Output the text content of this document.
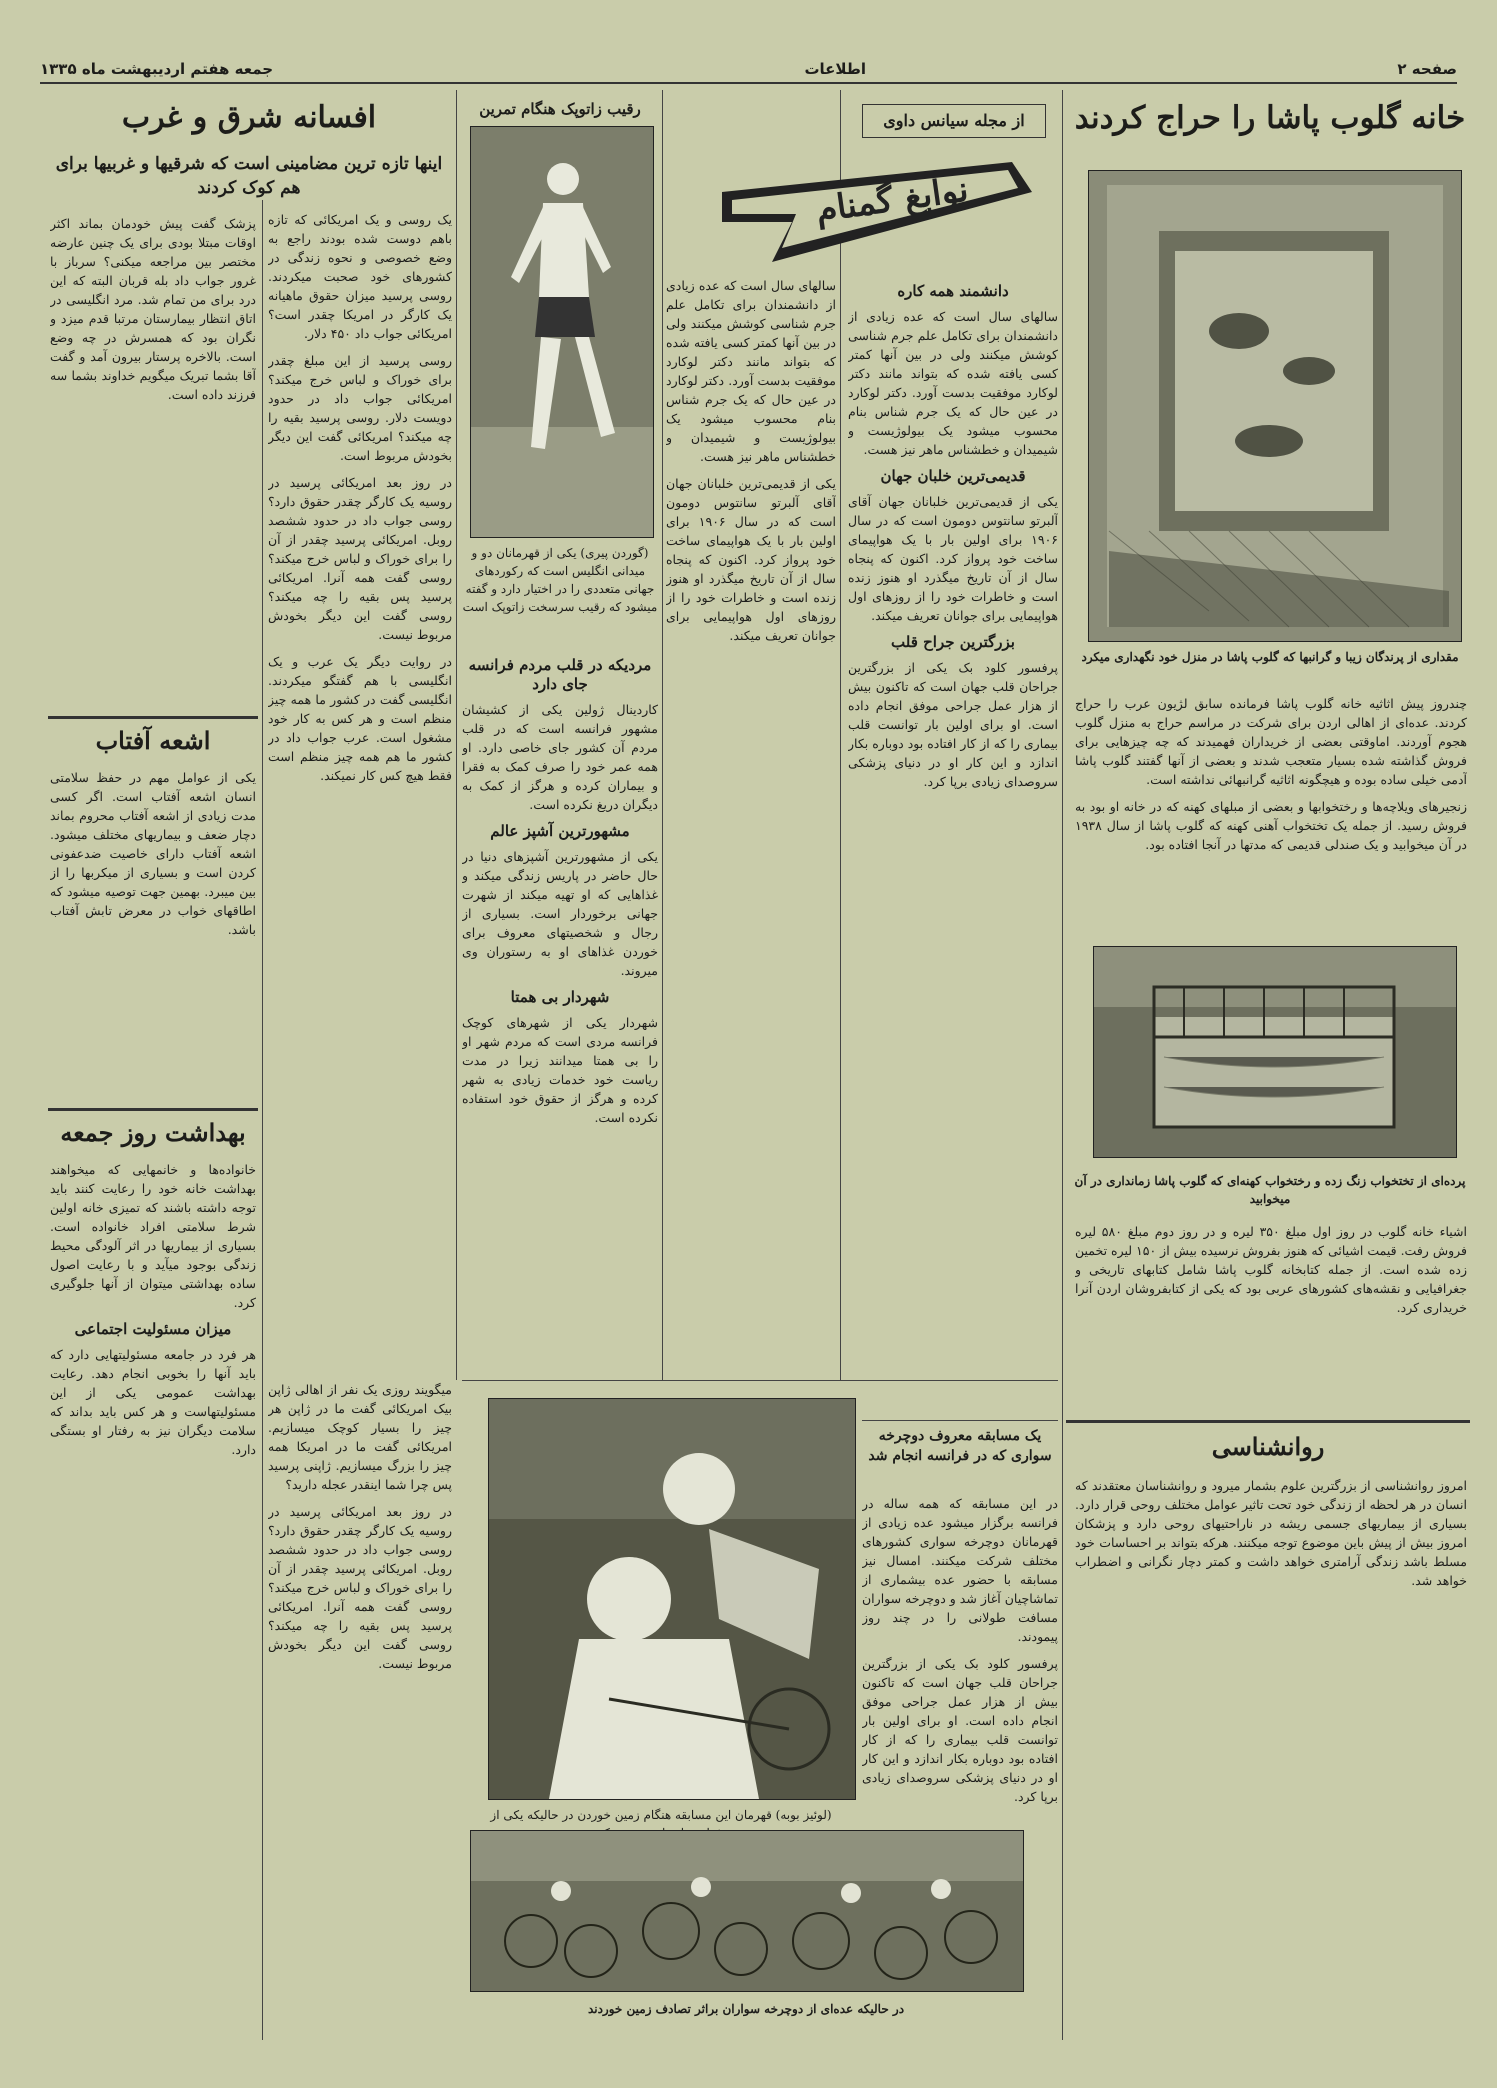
صفحه ۲
اطلاعات
جمعه هفتم اردیبهشت ماه ۱۳۳۵
خانه گلوب پاشا را حراج کردند
مقداری از پرندگان زیبا و گرانبها که گلوب پاشا در منزل خود نگهداری میکرد

چندروز پیش اثاثیه خانه گلوب پاشا فرمانده سابق لژیون عرب را حراج کردند. عده‌ای از اهالی اردن برای شرکت در مراسم حراج به منزل گلوب هجوم آوردند. اماوقتی بعضی از خریداران فهمیدند که چه چیزهایی برای فروش گذاشته شده بسیار متعجب شدند و بعضی از آنها گفتند گلوب پاشا آدمی خیلی ساده بوده و هیچگونه اثاثیه گرانبهائی نداشته است.

زنجیرهای ویلاچه‌ها و رختخوابها و بعضی از مبلهای کهنه که در خانه او بود به فروش رسید. از جمله یک تختخواب آهنی کهنه که گلوب پاشا از سال ۱۹۳۸ در آن میخوابید و یک صندلی قدیمی که مدتها در آنجا افتاده بود.

پرده‌ای از تختخواب زنگ زده و رختخواب کهنه‌ای که گلوب پاشا زمانداری در آن میخوابید

اشیاء خانه گلوب در روز اول مبلغ ۳۵۰ لیره و در روز دوم مبلغ ۵۸۰ لیره فروش رفت. قیمت اشیائی که هنوز بفروش نرسیده بیش از ۱۵۰ لیره تخمین زده شده است. از جمله کتابخانه گلوب پاشا شامل کتابهای تاریخی و جغرافیایی و نقشه‌های کشورهای عربی بود که یکی از کتابفروشان اردن آنرا خریداری کرد.

روانشناسی

امروز روانشناسی از بزرگترین علوم بشمار میرود و روانشناسان معتقدند که انسان در هر لحظه از زندگی خود تحت تاثیر عوامل مختلف روحی قرار دارد. بسیاری از بیماریهای جسمی ریشه در ناراحتیهای روحی دارد و پزشکان امروز بیش از پیش باین موضوع توجه میکنند. هرکه بتواند بر احساسات خود مسلط باشد زندگی آرامتری خواهد داشت و کمتر دچار نگرانی و اضطراب خواهد شد.

از مجله سیانس داوی
نوابغ گمنام
دانشمند همه کاره

سالهای سال است که عده زیادی از دانشمندان برای تکامل علم جرم شناسی کوشش میکنند ولی در بین آنها کمتر کسی یافته شده که بتواند مانند دکتر لوکارد موفقیت بدست آورد. دکتر لوکارد در عین حال که یک جرم شناس بنام محسوب میشود یک بیولوژیست و شیمیدان و خطشناس ماهر نیز هست.

قدیمی‌ترین خلبان جهان

یکی از قدیمی‌ترین خلبانان جهان آقای آلبرتو سانتوس دومون است که در سال ۱۹۰۶ برای اولین بار با یک هواپیمای ساخت خود پرواز کرد. اکنون که پنجاه سال از آن تاریخ میگذرد او هنوز زنده است و خاطرات خود را از روزهای اول هواپیمایی برای جوانان تعریف میکند.

بزرگترین جراح قلب

پرفسور کلود بک یکی از بزرگترین جراحان قلب جهان است که تاکنون بیش از هزار عمل جراحی موفق انجام داده است. او برای اولین بار توانست قلب بیماری را که از کار افتاده بود دوباره بکار اندازد و این کار او در دنیای پزشکی سروصدای زیادی برپا کرد.

سالهای سال است که عده زیادی از دانشمندان برای تکامل علم جرم شناسی کوشش میکنند ولی در بین آنها کمتر کسی یافته شده که بتواند مانند دکتر لوکارد موفقیت بدست آورد. دکتر لوکارد در عین حال که یک جرم شناس بنام محسوب میشود یک بیولوژیست و شیمیدان و خطشناس ماهر نیز هست.

یکی از قدیمی‌ترین خلبانان جهان آقای آلبرتو سانتوس دومون است که در سال ۱۹۰۶ برای اولین بار با یک هواپیمای ساخت خود پرواز کرد. اکنون که پنجاه سال از آن تاریخ میگذرد او هنوز زنده است و خاطرات خود را از روزهای اول هواپیمایی برای جوانان تعریف میکند.

یک مسابقه معروف دوچرخه سواری که در فرانسه انجام شد

در این مسابقه که همه ساله در فرانسه برگزار میشود عده زیادی از قهرمانان دوچرخه سواری کشورهای مختلف شرکت میکنند. امسال نیز مسابقه با حضور عده بیشماری از تماشاچیان آغاز شد و دوچرخه سواران مسافت طولانی را در چند روز پیمودند.

پرفسور کلود بک یکی از بزرگترین جراحان قلب جهان است که تاکنون بیش از هزار عمل جراحی موفق انجام داده است. او برای اولین بار توانست قلب بیماری را که از کار افتاده بود دوباره بکار اندازد و این کار او در دنیای پزشکی سروصدای زیادی برپا کرد.

رقیب زاتوپک هنگام تمرین
(گوردن پیری) یکی از قهرمانان دو و میدانی انگلیس است که رکوردهای جهانی متعددی را در اختیار دارد و گفته میشود که رقیب سرسخت زاتوپک است
مردیکه در قلب مردم فرانسه جای دارد

کاردینال ژولین یکی از کشیشان مشهور فرانسه است که در قلب مردم آن کشور جای خاصی دارد. او همه عمر خود را صرف کمک به فقرا و بیماران کرده و هرگز از کمک به دیگران دریغ نکرده است.

مشهورترین آشپز عالم

یکی از مشهورترین آشپزهای دنیا در حال حاضر در پاریس زندگی میکند و غذاهایی که او تهیه میکند از شهرت جهانی برخوردار است. بسیاری از رجال و شخصیتهای معروف برای خوردن غذاهای او به رستوران وی میروند.

شهردار بی همتا

شهردار یکی از شهرهای کوچک فرانسه مردی است که مردم شهر او را بی همتا میدانند زیرا در مدت ریاست خود خدمات زیادی به شهر کرده و هرگز از حقوق خود استفاده نکرده است.

یک روسی و یک امریکائی که تازه باهم دوست شده بودند راجع به وضع خصوصی و نحوه زندگی در کشورهای خود صحبت میکردند. روسی پرسید میزان حقوق ماهیانه یک کارگر در امریکا چقدر است؟ امریکائی جواب داد ۴۵۰ دلار.

روسی پرسید از این مبلغ چقدر برای خوراک و لباس خرج میکند؟ امریکائی جواب داد در حدود دویست دلار. روسی پرسید بقیه را چه میکند؟ امریکائی گفت این دیگر بخودش مربوط است.

در روز بعد امریکائی پرسید در روسیه یک کارگر چقدر حقوق دارد؟ روسی جواب داد در حدود ششصد روبل. امریکائی پرسید چقدر از آن را برای خوراک و لباس خرج میکند؟ روسی گفت همه آنرا. امریکائی پرسید پس بقیه را چه میکند؟ روسی گفت این دیگر بخودش مربوط نیست.

در روایت دیگر یک عرب و یک انگلیسی با هم گفتگو میکردند. انگلیسی گفت در کشور ما همه چیز منظم است و هر کس به کار خود مشغول است. عرب جواب داد در کشور ما هم همه چیز منظم است فقط هیچ کس کار نمیکند.

میگویند روزی یک نفر از اهالی ژاپن بیک امریکائی گفت ما در ژاپن هر چیز را بسیار کوچک میسازیم. امریکائی گفت ما در امریکا همه چیز را بزرگ میسازیم. ژاپنی پرسید پس چرا شما اینقدر عجله دارید؟

در روز بعد امریکائی پرسید در روسیه یک کارگر چقدر حقوق دارد؟ روسی جواب داد در حدود ششصد روبل. امریکائی پرسید چقدر از آن را برای خوراک و لباس خرج میکند؟ روسی گفت همه آنرا. امریکائی پرسید پس بقیه را چه میکند؟ روسی گفت این دیگر بخودش مربوط نیست.

افسانه شرق و غرب
اینها تازه ترین مضامینی است که شرقیها و غربیها برای هم کوک کردند

پزشک گفت پیش خودمان بماند اکثر اوقات مبتلا بودی برای یک چنین عارضه مختصر بین مراجعه میکنی؟ سرباز با غرور جواب داد بله قربان البته که این درد برای من تمام شد. مرد انگلیسی در اتاق انتظار بیمارستان مرتبا قدم میزد و نگران بود که همسرش در چه وضع است. بالاخره پرستار بیرون آمد و گفت آقا بشما تبریک میگویم خداوند بشما سه فرزند داده است.

اشعه آفتاب

یکی از عوامل مهم در حفظ سلامتی انسان اشعه آفتاب است. اگر کسی مدت زیادی از اشعه آفتاب محروم بماند دچار ضعف و بیماریهای مختلف میشود. اشعه آفتاب دارای خاصیت ضدعفونی کردن است و بسیاری از میکربها را از بین میبرد. بهمین جهت توصیه میشود که اطاقهای خواب در معرض تابش آفتاب باشد.

بهداشت روز جمعه

خانواده‌ها و خانمهایی که میخواهند بهداشت خانه خود را رعایت کنند باید توجه داشته باشند که تمیزی خانه اولین شرط سلامتی افراد خانواده است. بسیاری از بیماریها در اثر آلودگی محیط زندگی بوجود میآید و با رعایت اصول ساده بهداشتی میتوان از آنها جلوگیری کرد.

میزان مسئولیت اجتماعی

هر فرد در جامعه مسئولیتهایی دارد که باید آنها را بخوبی انجام دهد. رعایت بهداشت عمومی یکی از این مسئولیتهاست و هر کس باید بداند که سلامت دیگران نیز به رفتار او بستگی دارد.

(لوئیز بوبه) قهرمان این مسابقه هنگام زمین خوردن در حالیکه یکی از
در حالیکه عده‌ای از دوچرخه سواران براثر تصادف زمین خوردند
